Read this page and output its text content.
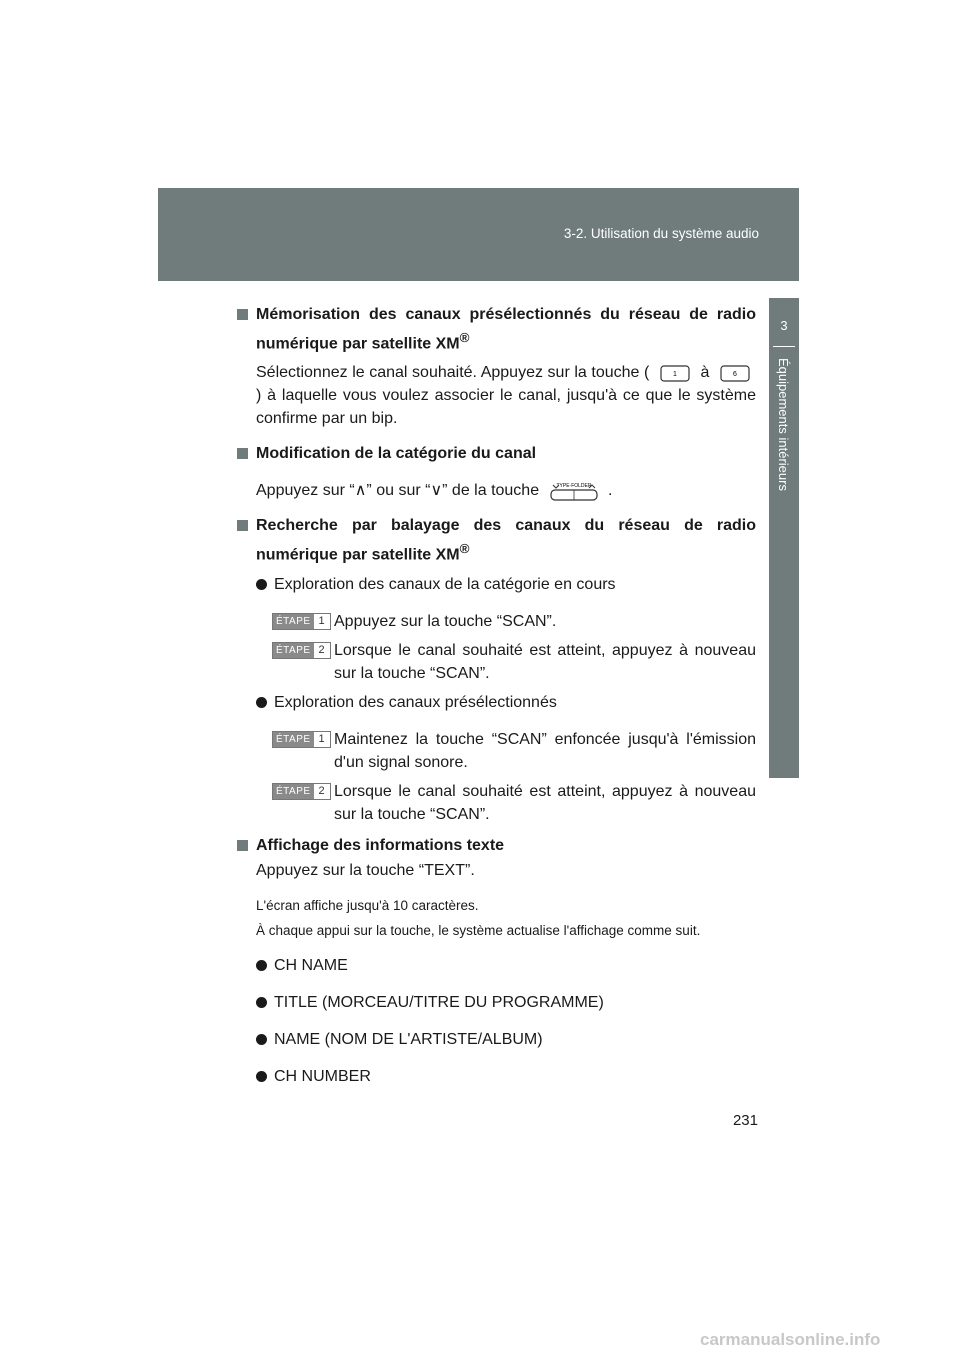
3-2. Utilisation du système audio
3
Équipements intérieurs
Mémorisation des canaux présélectionnés du réseau de radio numérique par satellite XM®
Sélectionnez le canal souhaité. Appuyez sur la touche (	1 à	6
) à laquelle vous voulez associer le canal, jusqu'à ce que le système confirme par un bip.
Modification de la catégorie du canal
Appuyez sur “∧” ou sur “∨” de la touche	TYPE·FOLDER .
Recherche par balayage des canaux du réseau de radio numérique par satellite XM®
Exploration des canaux de la catégorie en cours
ÉTAPE 1 Appuyez sur la touche “SCAN”.
ÉTAPE 2 Lorsque le canal souhaité est atteint, appuyez à nouveau sur la touche “SCAN”.
Exploration des canaux présélectionnés
ÉTAPE 1 Maintenez la touche “SCAN” enfoncée jusqu'à l'émission d'un signal sonore.
ÉTAPE 2 Lorsque le canal souhaité est atteint, appuyez à nouveau sur la touche “SCAN”.
Affichage des informations texte
Appuyez sur la touche “TEXT”.
L'écran affiche jusqu'à 10 caractères.
À chaque appui sur la touche, le système actualise l'affichage comme suit.
CH NAME
TITLE (MORCEAU/TITRE DU PROGRAMME)
NAME (NOM DE L'ARTISTE/ALBUM)
CH NUMBER
231
carmanualsonline.info
